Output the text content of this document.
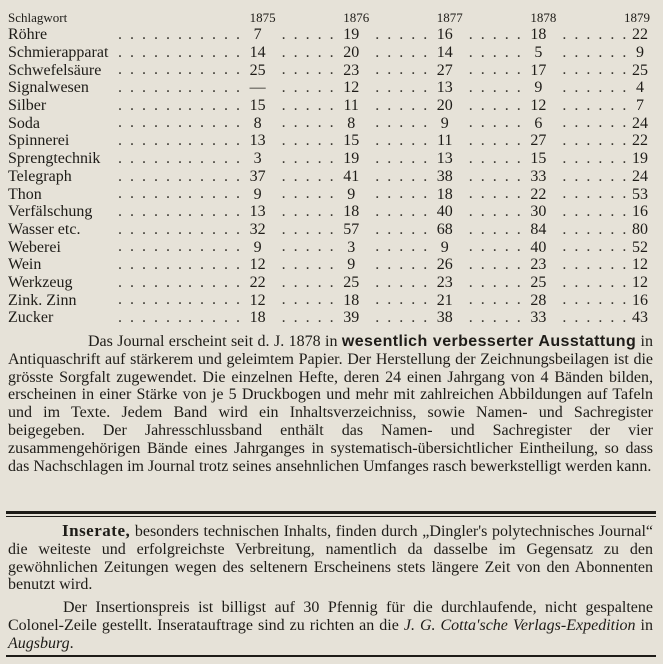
Schlagwort	1875	1876	1877	1878	1879
Röhre . . .	. . . 7	. . . 19	. . . 16	. . . 18	. . . 22
Schmierapparat . . .	. . . 14	. . . 20	. . . 14	. . . 5	. . . 9
Schwefelsäure . . .	. . . 25	. . . 23	. . . 27	. . . 17	. . . 25
Signalwesen . . .	. . . —	. . . 12	. . . 13	. . . 9	. . . 4
Silber . . .	. . . 15	. . . 11	. . . 20	. . . 12	. . . 7
Soda . . .	. . . 8	. . . 8	. . . 9	. . . 6	. . . 24
Spinnerei . . .	. . . 13	. . . 15	. . . 11	. . . 27	. . . 22
Sprengtechnik . . .	. . . 3	. . . 19	. . . 13	. . . 15	. . . 19
Telegraph . . .	. . . 37	. . . 41	. . . 38	. . . 33	. . . 24
Thon . . .	. . . 9	. . . 9	. . . 18	. . . 22	. . . 53
Verfälschung . . .	. . . 13	. . . 18	. . . 40	. . . 30	. . . 16
Wasser etc. . . .	. . . 32	. . . 57	. . . 68	. . . 84	. . . 80
Weberei . . .	. . . 9	. . . 3	. . . 9	. . . 40	. . . 52
Wein . . .	. . . 12	. . . 9	. . . 26	. . . 23	. . . 12
Werkzeug . . .	. . . 22	. . . 25	. . . 23	. . . 25	. . . 12
Zink. Zinn . . .	. . . 12	. . . 18	. . . 21	. . . 28	. . . 16
Zucker . . .	. . . 18	. . . 39	. . . 38	. . . 33	. . . 43

Das Journal erscheint seit d. J. 1878 in wesentlich verbesserter Ausstattung in Antiquaschrift auf stärkerem und geleimtem Papier. Der Herstellung der Zeichnungsbeilagen ist die grösste Sorgfalt zugewendet. Die einzelnen Hefte, deren 24 einen Jahrgang von 4 Bänden bilden, erscheinen in einer Stärke von je 5 Druckbogen und mehr mit zahlreichen Abbildungen auf Tafeln und im Texte. Jedem Band wird ein Inhaltsverzeichniss, sowie Namen- und Sachregister beigegeben. Der Jahresschlussband enthält das Namen- und Sachregister der vier zusammengehörigen Bände eines Jahrganges in systematisch-übersichtlicher Eintheilung, so dass das Nachschlagen im Journal trotz seines ansehnlichen Umfanges rasch bewerkstelligt werden kann.

Inserate, besonders technischen Inhalts, finden durch „Dingler's polytechnisches Journal“ die weiteste und erfolgreichste Verbreitung, namentlich da dasselbe im Gegensatz zu den gewöhnlichen Zeitungen wegen des seltenern Erscheinens stets längere Zeit von den Abonnenten benutzt wird.

Der Insertionspreis ist billigst auf 30 Pfennig für die durchlaufende, nicht gespaltene Colonel-Zeile gestellt. Inseratauftrage sind zu richten an die J. G. Cotta'sche Verlags-Expedition in Augsburg.
